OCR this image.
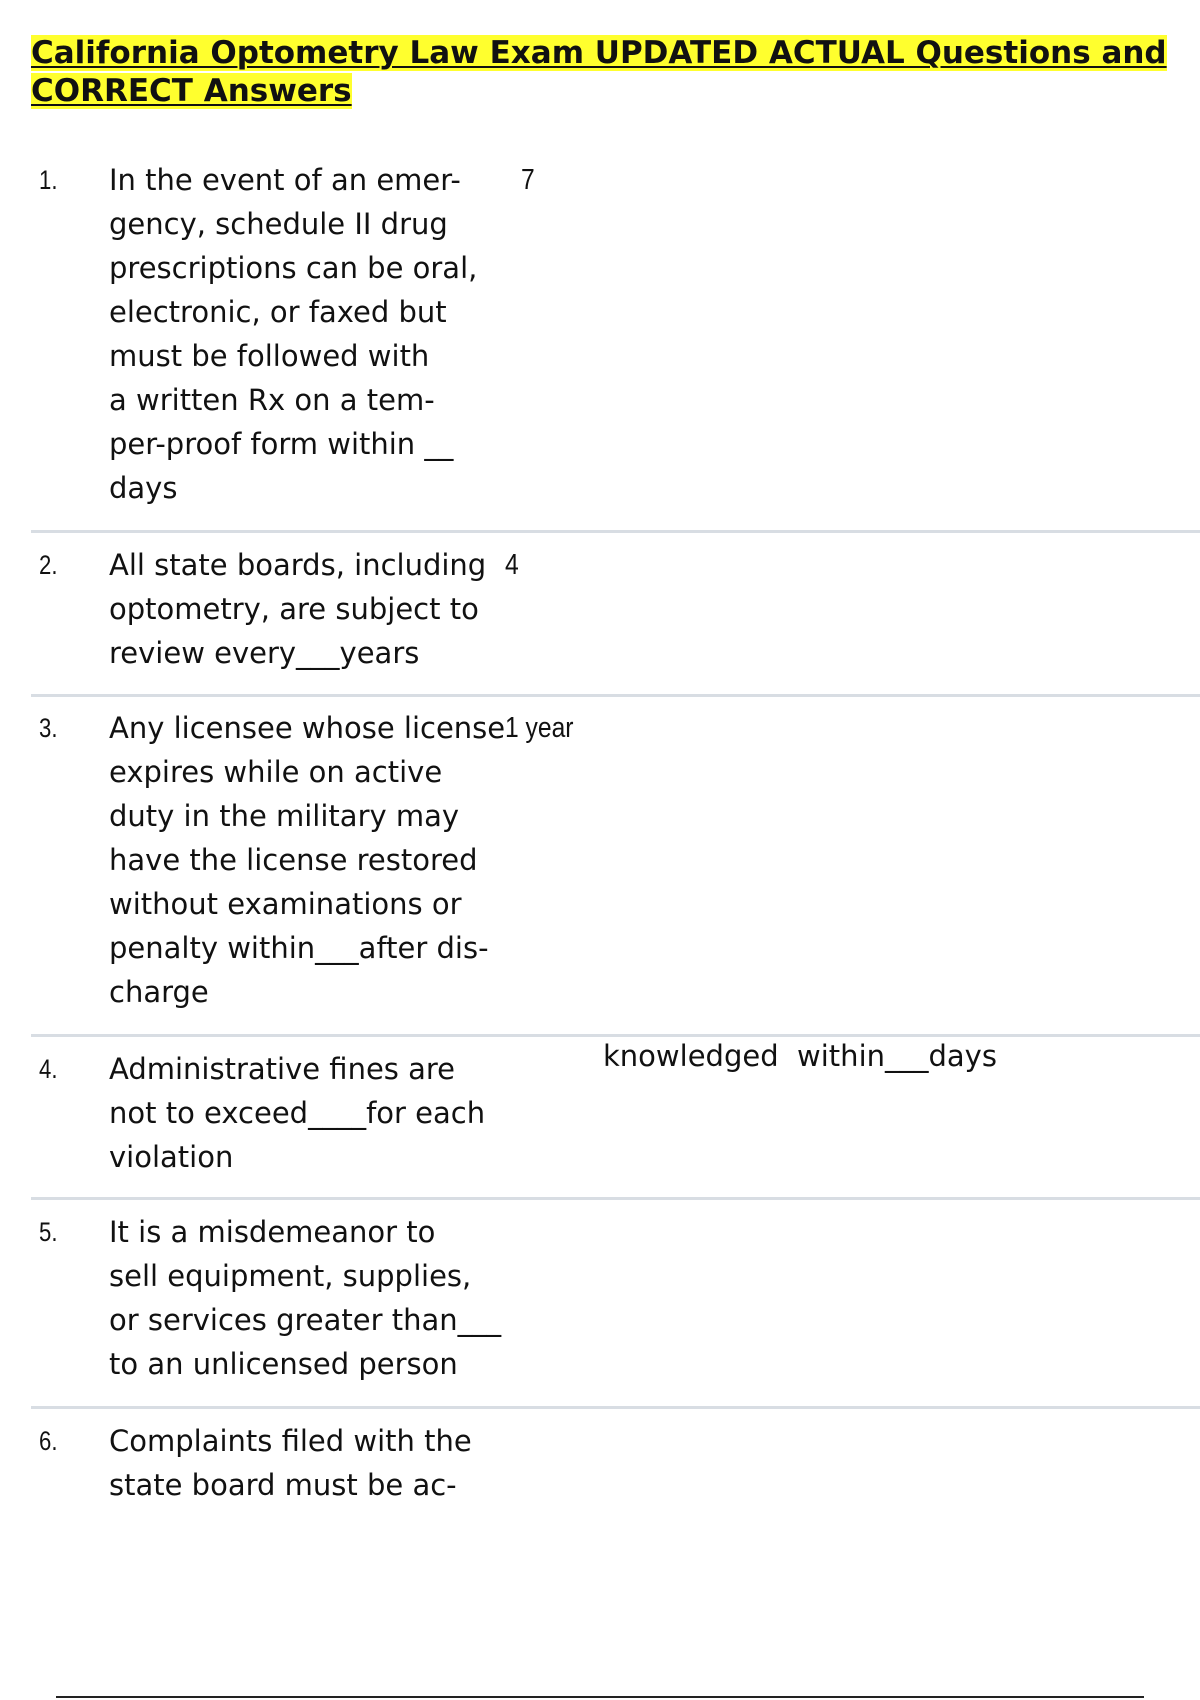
California Optometry Law Exam UPDATED ACTUAL Questions and CORRECT Answers
1. In the event of an emer-
gency, schedule II drug
prescriptions can be oral,
electronic, or faxed but
must be followed with
a written Rx on a tem-
per-proof form within __
days

7
2. All state boards, including
optometry, are subject to
review every___years

4
3. Any licensee whose license
expires while on active
duty in the military may
have the license restored
without examinations or
penalty within___after dis-
charge

1 year
4. Administrative fines are
not to exceed____for each
violation

5. It is a misdemeanor to
sell equipment, supplies,
or services greater than___
to an unlicensed person

6. Complaints filed with the
state board must be ac-

knowledged  within___days
